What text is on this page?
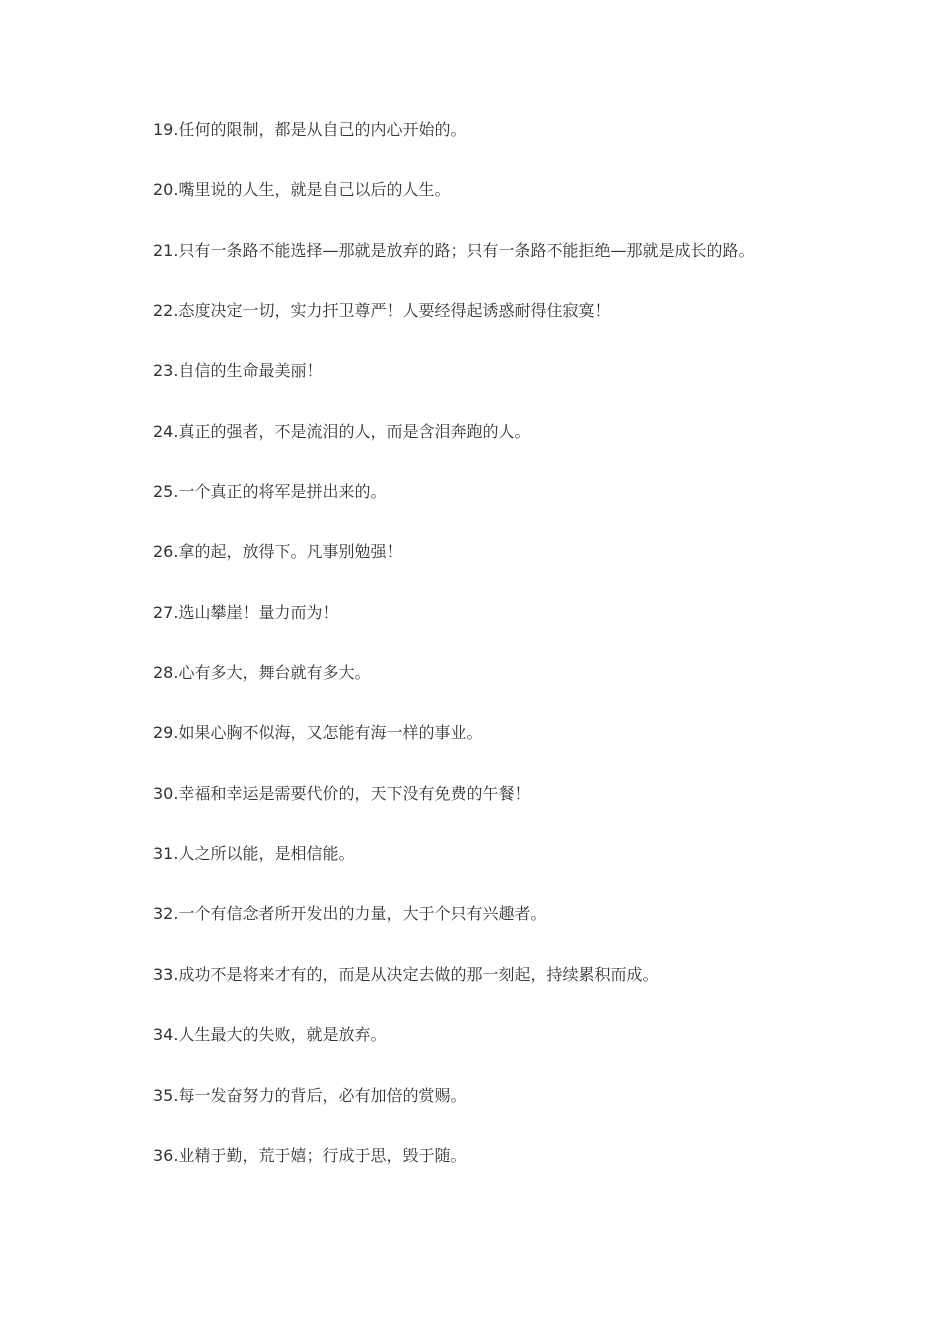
19.任何的限制，都是从自己的内心开始的。
20.嘴里说的人生，就是自己以后的人生。
21.只有一条路不能选择—那就是放弃的路；只有一条路不能拒绝—那就是成长的路。
22.态度决定一切，实力扞卫尊严！人要经得起诱惑耐得住寂寞！
23.自信的生命最美丽！
24.真正的强者，不是流泪的人，而是含泪奔跑的人。
25.一个真正的将军是拼出来的。
26.拿的起，放得下。凡事别勉强！
27.选山攀崖！量力而为！
28.心有多大，舞台就有多大。
29.如果心胸不似海，又怎能有海一样的事业。
30.幸福和幸运是需要代价的，天下没有免费的午餐！
31.人之所以能，是相信能。
32.一个有信念者所开发出的力量，大于个只有兴趣者。
33.成功不是将来才有的，而是从决定去做的那一刻起，持续累积而成。
34.人生最大的失败，就是放弃。
35.每一发奋努力的背后，必有加倍的赏赐。
36.业精于勤，荒于嬉；行成于思，毁于随。
